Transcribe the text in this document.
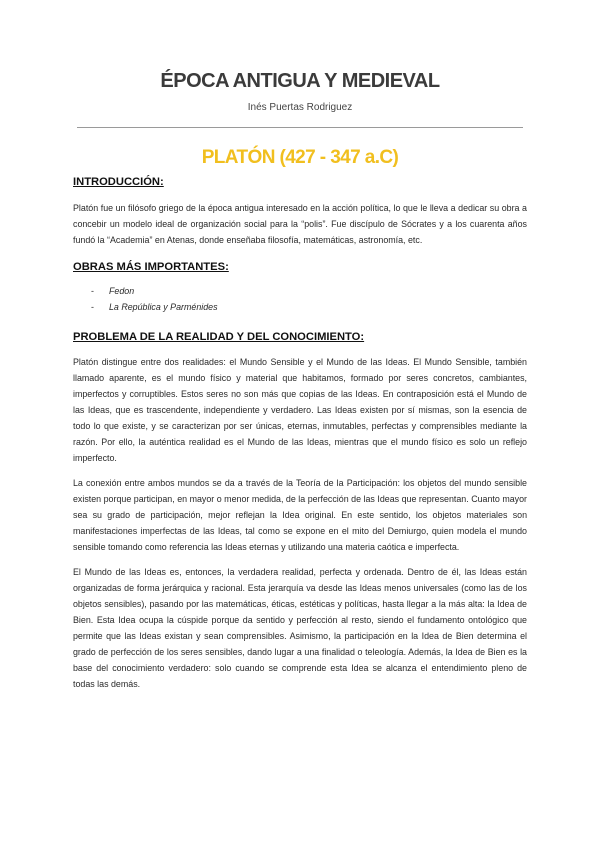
ÉPOCA ANTIGUA Y MEDIEVAL
Inés Puertas Rodriguez
PLATÓN (427 - 347 a.C)
INTRODUCCIÓN:

Platón fue un filósofo griego de la época antigua interesado en la acción política, lo que le lleva a dedicar su obra a concebir un modelo ideal de organización social para la “polis”. Fue discípulo de Sócrates y a los cuarenta años fundó la “Academia” en Atenas, donde enseñaba filosofía, matemáticas, astronomía, etc.

OBRAS MÁS IMPORTANTES:
-	Fedon
-	La República y Parménides
PROBLEMA DE LA REALIDAD Y DEL CONOCIMIENTO:

Platón distingue entre dos realidades: el Mundo Sensible y el Mundo de las Ideas. El Mundo Sensible, también llamado aparente, es el mundo físico y material que habitamos, formado por seres concretos, cambiantes, imperfectos y corruptibles. Estos seres no son más que copias de las Ideas. En contraposición está el Mundo de las Ideas, que es trascendente, independiente y verdadero. Las Ideas existen por sí mismas, son la esencia de todo lo que existe, y se caracterizan por ser únicas, eternas, inmutables, perfectas y comprensibles mediante la razón. Por ello, la auténtica realidad es el Mundo de las Ideas, mientras que el mundo físico es solo un reflejo imperfecto.

La conexión entre ambos mundos se da a través de la Teoría de la Participación: los objetos del mundo sensible existen porque participan, en mayor o menor medida, de la perfección de las Ideas que representan. Cuanto mayor sea su grado de participación, mejor reflejan la Idea original. En este sentido, los objetos materiales son manifestaciones imperfectas de las Ideas, tal como se expone en el mito del Demiurgo, quien modela el mundo sensible tomando como referencia las Ideas eternas y utilizando una materia caótica e imperfecta.

El Mundo de las Ideas es, entonces, la verdadera realidad, perfecta y ordenada. Dentro de él, las Ideas están organizadas de forma jerárquica y racional. Esta jerarquía va desde las Ideas menos universales (como las de los objetos sensibles), pasando por las matemáticas, éticas, estéticas y políticas, hasta llegar a la más alta: la Idea de Bien. Esta Idea ocupa la cúspide porque da sentido y perfección al resto, siendo el fundamento ontológico que permite que las Ideas existan y sean comprensibles. Asimismo, la participación en la Idea de Bien determina el grado de perfección de los seres sensibles, dando lugar a una finalidad o teleología. Además, la Idea de Bien es la base del conocimiento verdadero: solo cuando se comprende esta Idea se alcanza el entendimiento pleno de todas las demás.
